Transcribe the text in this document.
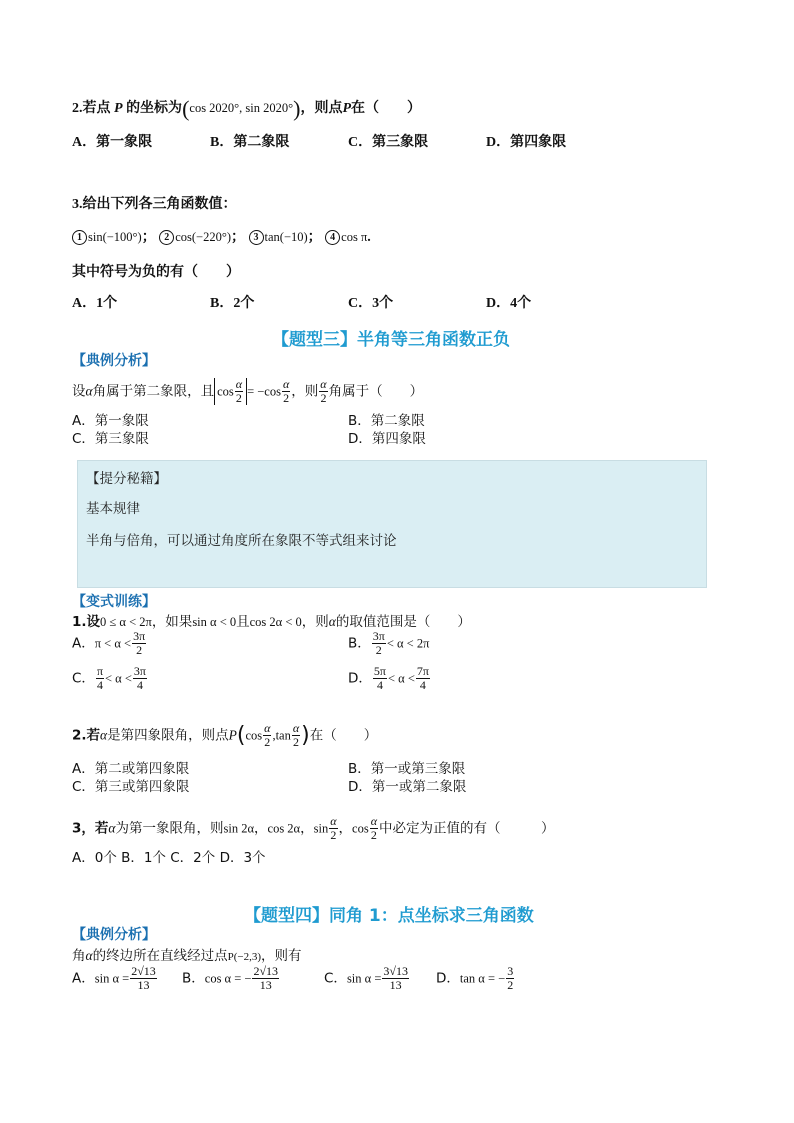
2.若点 P 的坐标为(cos 2020°, sin 2020°)，则点P在（　　）
A．第一象限	B．第二象限	C．第三象限	D．第四象限
3.给出下列各三角函数值：
1 sin(−100°)； 2 cos(−220°)； 3 tan(−10)； 4 cos π.
其中符号为负的有（　　）
A．1个	B．2个	C．3个	D．4个
【题型三】半角等三角函数正负
【典例分析】
设α角属于第二象限，且 $\cos \frac{\alpha}{2} = -\cos \frac{\alpha}{2}$ ，则 $\frac{\alpha}{2}$ 角属于（　　）
A．第一象限	B．第二象限
C．第三象限	D．第四象限
【提分秘籍】
基本规律
半角与倍角，可以通过角度所在象限不等式组来讨论
【变式训练】
1.设0 ≤ α < 2π，如果sin α < 0且cos 2α < 0，则α的取值范围是（　　）
A．$\pi < \alpha < \frac{3\pi}{2}$	B． $\frac{3\pi}{2} < \alpha < 2\pi$
C． $\frac{\pi}{4} < \alpha < \frac{3\pi}{4}$	D． $\frac{5\pi}{4} < \alpha < \frac{7\pi}{4}$
2.若α是第四象限角，则点$P(\cos \frac{\alpha}{2} ,\tan \frac{\alpha}{2}$ )在（　　）
A．第二或第四象限	B．第一或第三象限
C．第三或第四象限	D．第一或第二象限
3，若α为第一象限角，则sin 2α，cos 2α，$\sin \frac{\alpha}{2}$ ，$\cos \frac{\alpha}{2}$ 中必定为正值的有（　　　）
A．0个 B．1个 C．2个 D．3个
【题型四】同角 1：点坐标求三角函数
【典例分析】
角α的终边所在直线经过点P(−2,3)，则有
A．$\sin \alpha = \frac{2√13}{13}$ B．cos α = − $\frac{2√13}{13}$	C．$\sin \alpha = \frac{3√13}{13}$ D．tan α = − $\frac{3}{2}$
